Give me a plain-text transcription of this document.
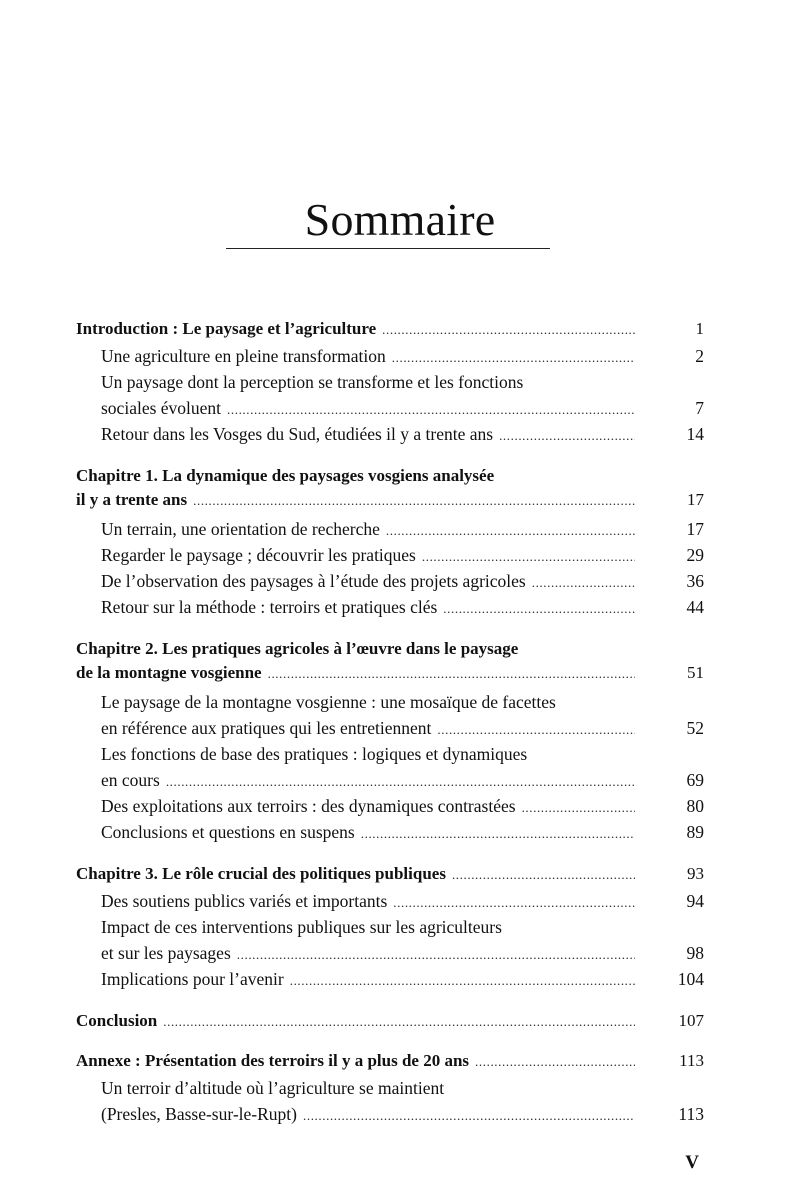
Sommaire
Introduction : Le paysage et l’agriculture .....	1
Une agriculture en pleine transformation .....	2
Un paysage dont la perception se transforme et les fonctions
sociales évoluent .....	7
Retour dans les Vosges du Sud, étudiées il y a trente ans .....	14
Chapitre 1. La dynamique des paysages vosgiens analysée
il y a trente ans .....	17
Un terrain, une orientation de recherche .....	17
Regarder le paysage ; découvrir les pratiques .....	29
De l’observation des paysages à l’étude des projets agricoles .....	36
Retour sur la méthode : terroirs et pratiques clés .....	44
Chapitre 2. Les pratiques agricoles à l’œuvre dans le paysage
de la montagne vosgienne .....	51
Le paysage de la montagne vosgienne : une mosaïque de facettes
en référence aux pratiques qui les entretiennent .....	52
Les fonctions de base des pratiques : logiques et dynamiques
en cours .....	69
Des exploitations aux terroirs : des dynamiques contrastées .....	80
Conclusions et questions en suspens .....	89
Chapitre 3. Le rôle crucial des politiques publiques .....	93
Des soutiens publics variés et importants .....	94
Impact de ces interventions publiques sur les agriculteurs
et sur les paysages .....	98
Implications pour l’avenir .....	104
Conclusion .....	107
Annexe : Présentation des terroirs il y a plus de 20 ans .....	113
Un terroir d’altitude où l’agriculture se maintient
(Presles, Basse-sur-le-Rupt) .....	113
V
